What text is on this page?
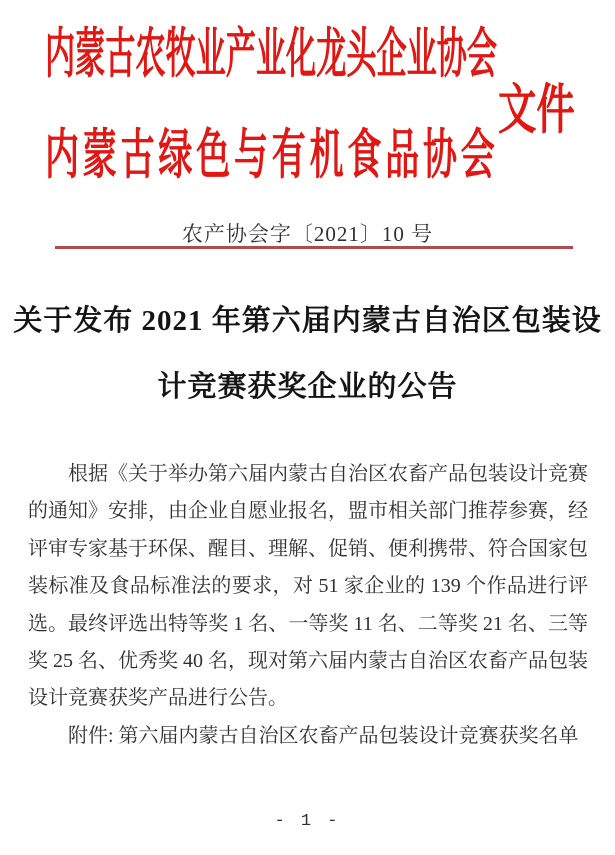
内蒙古农牧业产业化龙头企业协会
文件
内蒙古绿色与有机食品协会
农产协会字〔2021〕10 号
关于发布 2021 年第六届内蒙古自治区包装设
计竞赛获奖企业的公告

根据《关于举办第六届内蒙古自治区农畜产品包装设计竞赛的通知》安排，由企业自愿业报名，盟市相关部门推荐参赛，经评审专家基于环保、醒目、理解、促销、便利携带、符合国家包装标准及食品标准法的要求，对 51 家企业的 139 个作品进行评选。最终评选出特等奖 1 名、一等奖 11 名、二等奖 21 名、三等奖 25 名、优秀奖 40 名，现对第六届内蒙古自治区农畜产品包装设计竞赛获奖产品进行公告。

附件: 第六届内蒙古自治区农畜产品包装设计竞赛获奖名单

- 1 -
